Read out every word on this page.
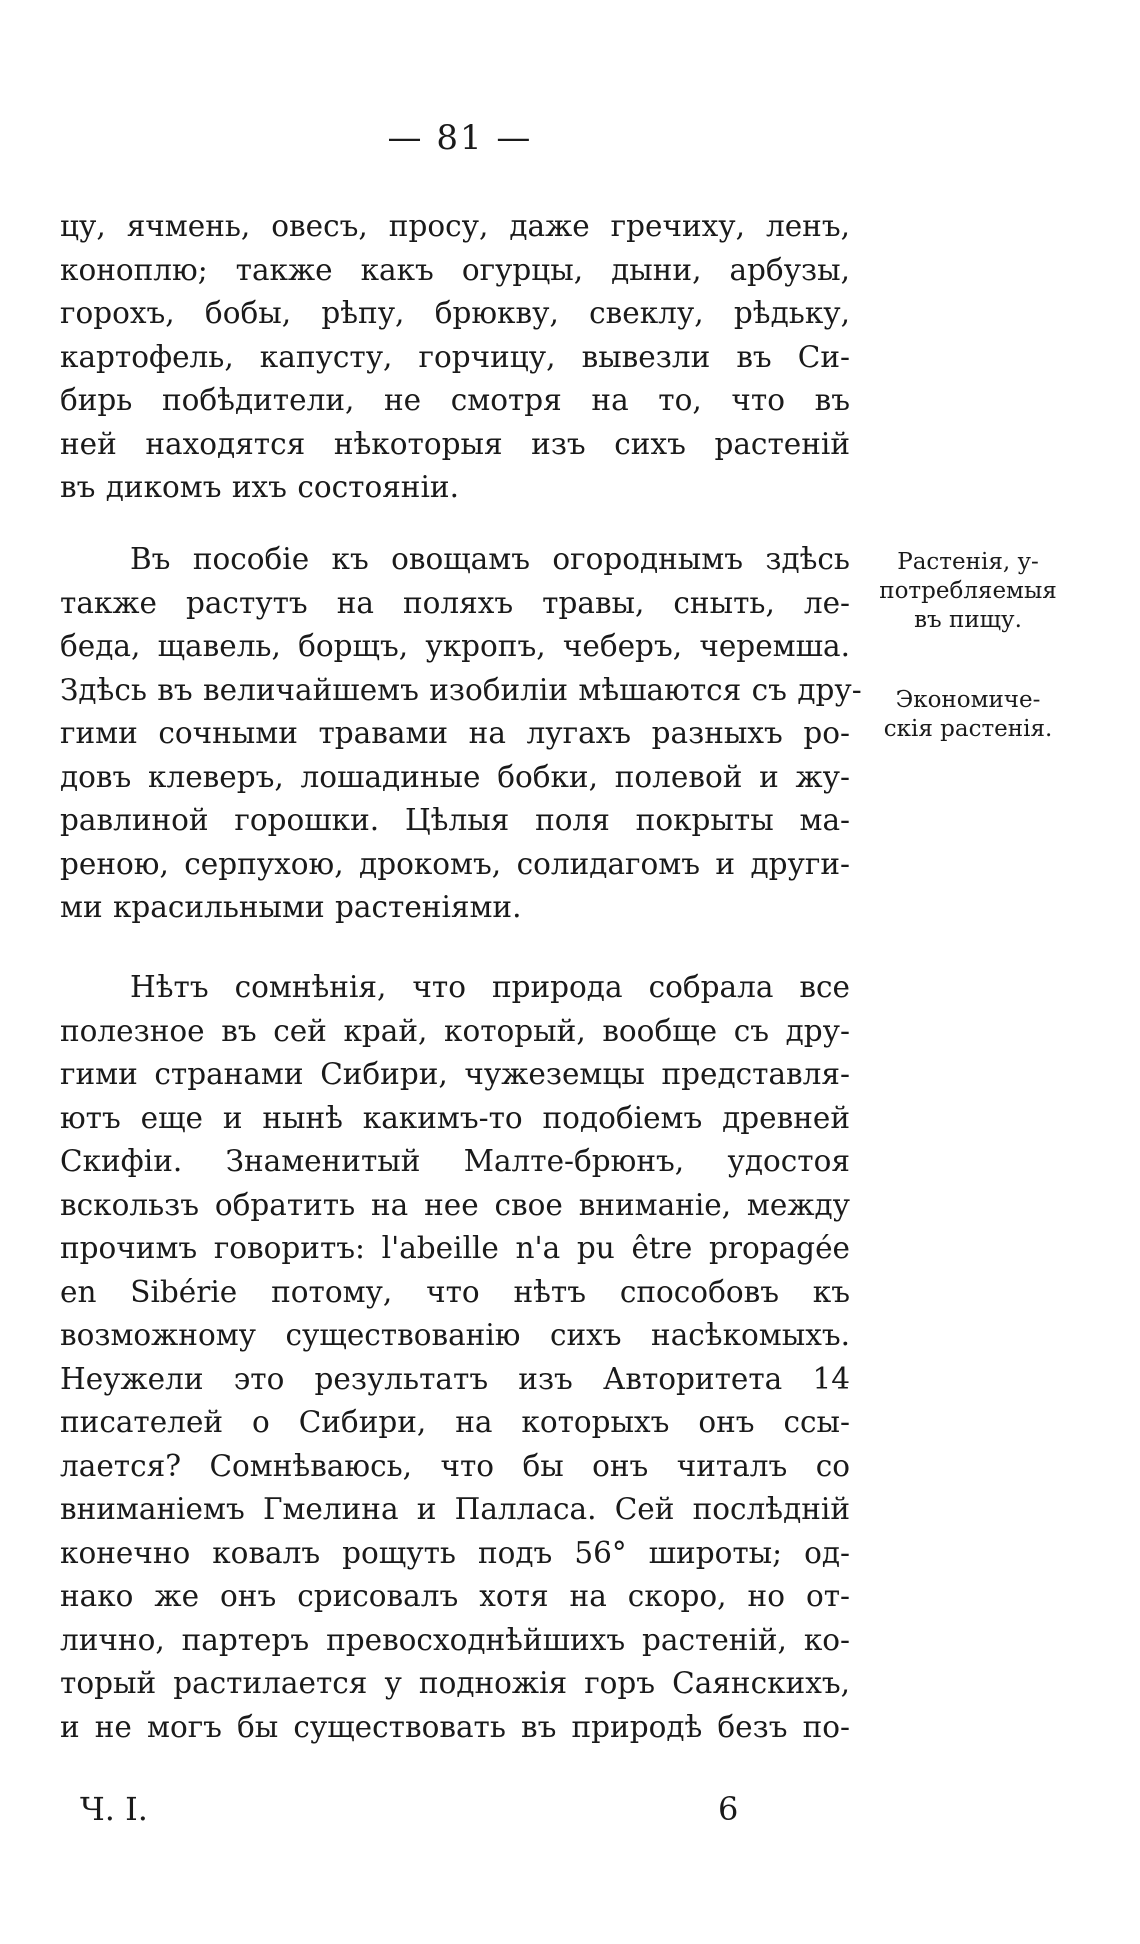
— 81 —
цу, ячмень, овесъ, просу, даже гречиху, ленъ,
коноплю; также какъ огурцы, дыни, арбузы,
горохъ, бобы, рѣпу, брюкву, свеклу, рѣдьку,
картофель, капусту, горчицу, вывезли въ Си-
бирь побѣдители, не смотря на то, что въ
ней находятся нѣкоторыя изъ сихъ растеній
въ дикомъ ихъ состояніи.
Въ пособіе къ овощамъ огороднымъ здѣсь
также растутъ на поляхъ травы, сныть, ле-
беда, щавель, борщъ, укропъ, чеберъ, черемша.
Здѣсь въ величайшемъ изобиліи мѣшаются съ дру-
гими сочными травами на лугахъ разныхъ ро-
довъ клеверъ, лошадиные бобки, полевой и жу-
равлиной горошки. Цѣлыя поля покрыты ма-
реною, серпухою, дрокомъ, солидагомъ и други-
ми красильными растеніями.
Нѣтъ сомнѣнія, что природа собрала все
полезное въ сей край, который, вообще съ дру-
гими странами Сибири, чужеземцы представля-
ютъ еще и нынѣ какимъ-то подобіемъ древней
Скифіи. Знаменитый Малте-брюнъ, удостоя
вскользъ обратить на нее свое вниманіе, между
прочимъ говоритъ: l'abeille n'a pu être propagée
en Sibérie потому, что нѣтъ способовъ къ
возможному существованію сихъ насѣкомыхъ.
Неужели это результатъ изъ Авторитета 14
писателей о Сибири, на которыхъ онъ ссы-
лается? Сомнѣваюсь, что бы онъ читалъ со
вниманіемъ Гмелина и Палласа. Сей послѣдній
конечно ковалъ рощуть подъ 56° широты; од-
нако же онъ срисовалъ хотя на скоро, но от-
лично, партеръ превосходнѣйшихъ растеній, ко-
торый растилается у подножія горъ Саянскихъ,
и не могъ бы существовать въ природѣ безъ по-
Растенія, у-
потребляемыя
въ пищу.
Экономиче-
скія растенія.
Ч. I.	6
